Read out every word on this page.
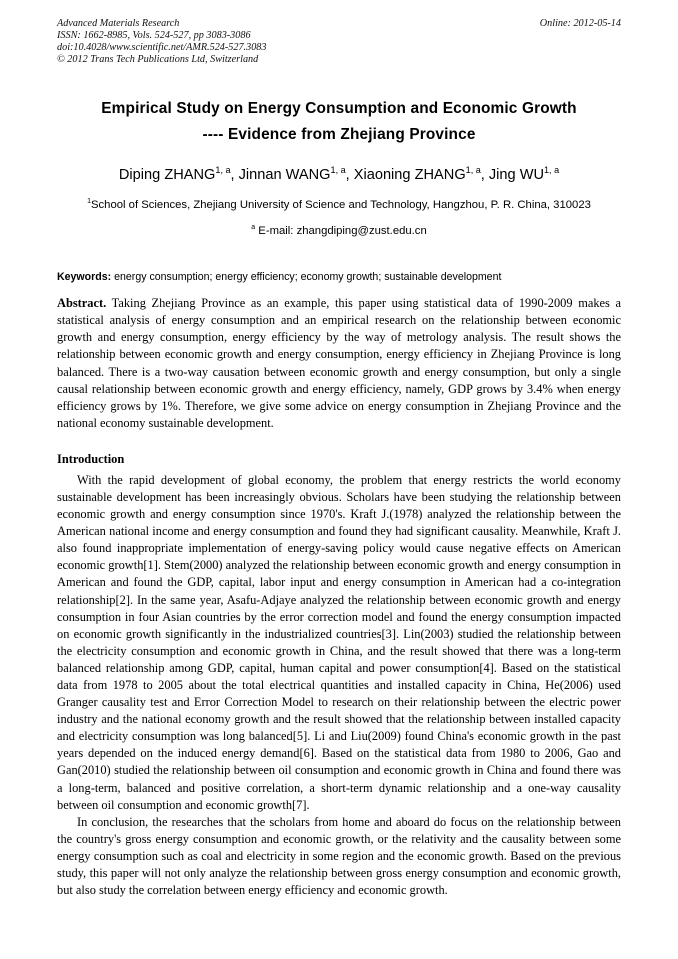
Advanced Materials Research
ISSN: 1662-8985, Vols. 524-527, pp 3083-3086
doi:10.4028/www.scientific.net/AMR.524-527.3083
© 2012 Trans Tech Publications Ltd, Switzerland
Online: 2012-05-14
Empirical Study on Energy Consumption and Economic Growth
---- Evidence from Zhejiang Province
Diping ZHANG$^{1, a}$, Jinnan WANG$^{1, a}$, Xiaoning ZHANG$^{1, a}$, Jing WU$^{1, a}$
$^1$School of Sciences, Zhejiang University of Science and Technology, Hangzhou, P. R. China, 310023
$^a$ E-mail: zhangdiping@zust.edu.cn
Keywords: energy consumption; energy efficiency; economy growth; sustainable development
Abstract. Taking Zhejiang Province as an example, this paper using statistical data of 1990-2009 makes a statistical analysis of energy consumption and an empirical research on the relationship between economic growth and energy consumption, energy efficiency by the way of metrology analysis. The result shows the relationship between economic growth and energy consumption, energy efficiency in Zhejiang Province is long balanced. There is a two-way causation between economic growth and energy consumption, but only a single causal relationship between economic growth and energy efficiency, namely, GDP grows by 3.4% when energy efficiency grows by 1%. Therefore, we give some advice on energy consumption in Zhejiang Province and the national economy sustainable development.
Introduction
With the rapid development of global economy, the problem that energy restricts the world economy sustainable development has been increasingly obvious. Scholars have been studying the relationship between economic growth and energy consumption since 1970's. Kraft J.(1978) analyzed the relationship between the American national income and energy consumption and found they had significant causality. Meanwhile, Kraft J. also found inappropriate implementation of energy-saving policy would cause negative effects on American economic growth[1]. Stem(2000) analyzed the relationship between economic growth and energy consumption in American and found the GDP, capital, labor input and energy consumption in American had a co-integration relationship[2]. In the same year, Asafu-Adjaye analyzed the relationship between economic growth and energy consumption in four Asian countries by the error correction model and found the energy consumption impacted on economic growth significantly in the industrialized countries[3]. Lin(2003) studied the relationship between the electricity consumption and economic growth in China, and the result showed that there was a long-term balanced relationship among GDP, capital, human capital and power consumption[4]. Based on the statistical data from 1978 to 2005 about the total electrical quantities and installed capacity in China, He(2006) used Granger causality test and Error Correction Model to research on their relationship between the electric power industry and the national economy growth and the result showed that the relationship between installed capacity and electricity consumption was long balanced[5]. Li and Liu(2009) found China's economic growth in the past years depended on the induced energy demand[6]. Based on the statistical data from 1980 to 2006, Gao and Gan(2010) studied the relationship between oil consumption and economic growth in China and found there was a long-term, balanced and positive correlation, a short-term dynamic relationship and a one-way causality between oil consumption and economic growth[7].
In conclusion, the researches that the scholars from home and aboard do focus on the relationship between the country's gross energy consumption and economic growth, or the relativity and the causality between some energy consumption such as coal and electricity in some region and the economic growth. Based on the previous study, this paper will not only analyze the relationship between gross energy consumption and economic growth, but also study the correlation between energy efficiency and economic growth.
